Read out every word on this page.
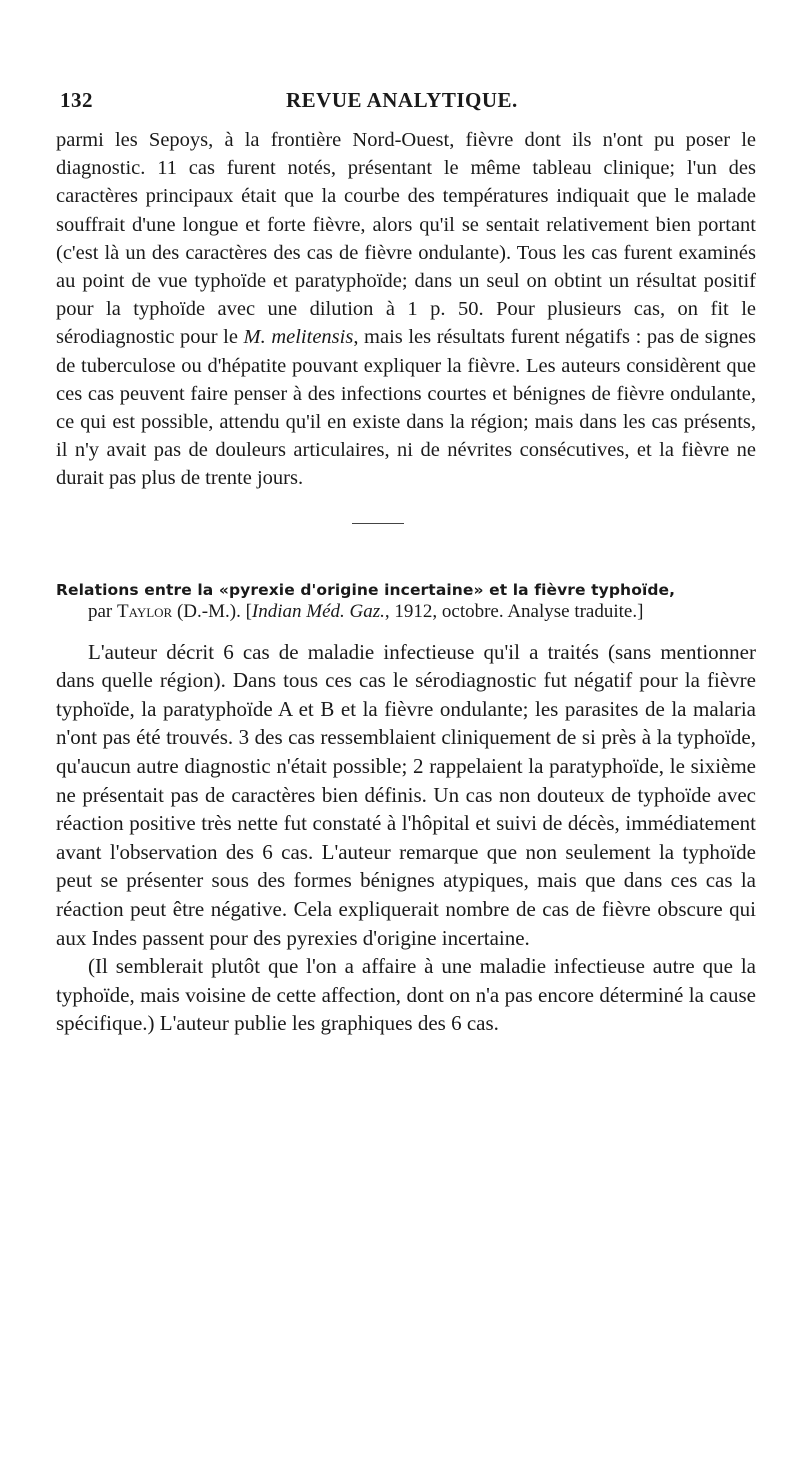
132	REVUE ANALYTIQUE.

parmi les Sepoys, à la frontière Nord-Ouest, fièvre dont ils n'ont pu poser le diagnostic. 11 cas furent notés, présentant le même tableau clinique; l'un des caractères principaux était que la courbe des températures indiquait que le malade souffrait d'une longue et forte fièvre, alors qu'il se sentait relativement bien portant (c'est là un des caractères des cas de fièvre ondulante). Tous les cas furent examinés au point de vue typhoïde et paratyphoïde; dans un seul on obtint un résultat positif pour la typhoïde avec une dilution à 1 p. 50. Pour plusieurs cas, on fit le sérodiagnostic pour le M. melitensis, mais les résultats furent négatifs : pas de signes de tuberculose ou d'hépatite pouvant expliquer la fièvre. Les auteurs considèrent que ces cas peuvent faire penser à des infections courtes et bénignes de fièvre ondulante, ce qui est possible, attendu qu'il en existe dans la région; mais dans les cas présents, il n'y avait pas de douleurs articulaires, ni de névrites consécutives, et la fièvre ne durait pas plus de trente jours.

Relations entre la «pyrexie d'origine incertaine» et la fièvre typhoïde,
par Taylor (D.-M.). [Indian Méd. Gaz., 1912, octobre. Analyse traduite.]

L'auteur décrit 6 cas de maladie infectieuse qu'il a traités (sans mentionner dans quelle région). Dans tous ces cas le sérodiagnostic fut négatif pour la fièvre typhoïde, la paratyphoïde A et B et la fièvre ondulante; les parasites de la malaria n'ont pas été trouvés. 3 des cas ressemblaient cliniquement de si près à la typhoïde, qu'aucun autre diagnostic n'était possible; 2 rappelaient la paratyphoïde, le sixième ne présentait pas de caractères bien définis. Un cas non douteux de typhoïde avec réaction positive très nette fut constaté à l'hôpital et suivi de décès, immédiatement avant l'observation des 6 cas. L'auteur remarque que non seulement la typhoïde peut se présenter sous des formes bénignes atypiques, mais que dans ces cas la réaction peut être négative. Cela expliquerait nombre de cas de fièvre obscure qui aux Indes passent pour des pyrexies d'origine incertaine.

(Il semblerait plutôt que l'on a affaire à une maladie infectieuse autre que la typhoïde, mais voisine de cette affection, dont on n'a pas encore déterminé la cause spécifique.) L'auteur publie les graphiques des 6 cas.
